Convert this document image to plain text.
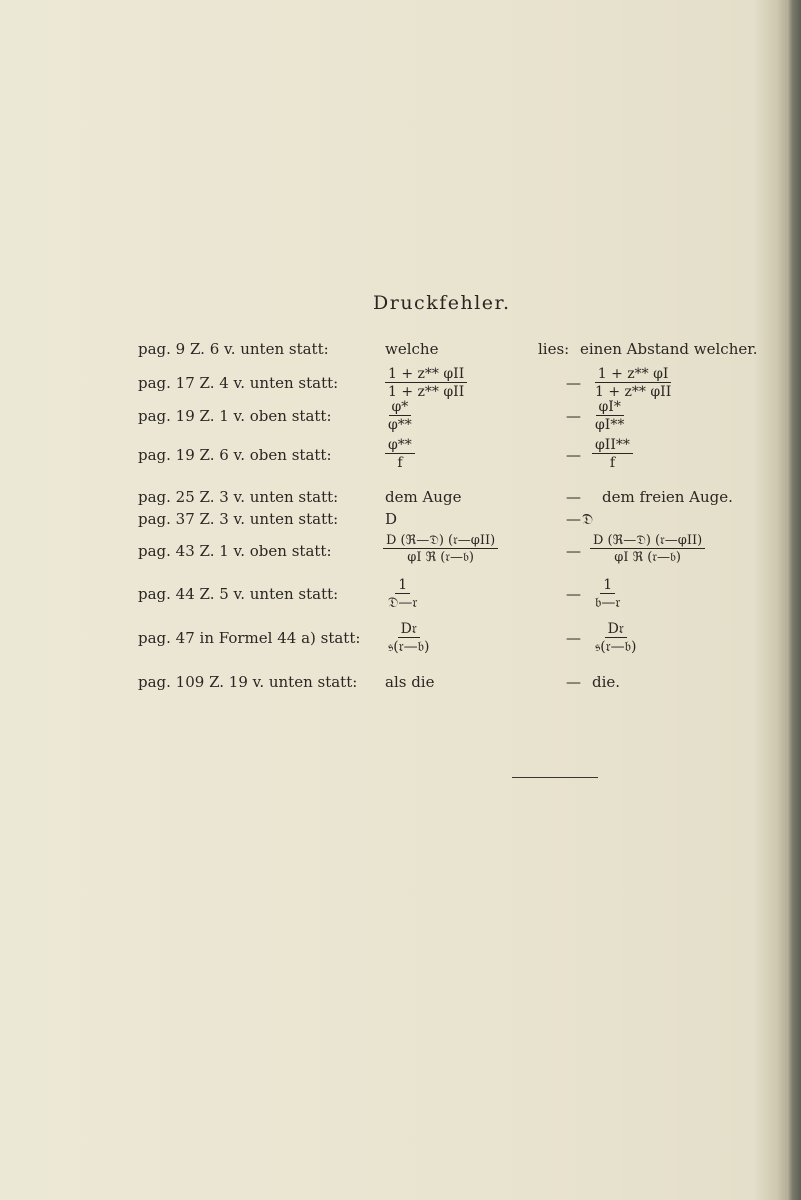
Druckfehler.
pag. 9 Z. 6 v. unten statt:	welche	lies: einen Abstand welcher.
pag. 17 Z. 4 v. unten statt:	$\frac{\text{1 + z** φII}}{\text{1 + z** φII}}$	— $\frac{1 + z** \varphi I}{\text{1 + z** φII}}$
pag. 19 Z. 1 v. oben statt:	$\frac{\varphi*}{\varphi**}$	— $\frac{\varphi I*}{\varphi I**}$
pag. 19 Z. 6 v. oben statt:	$\frac{\varphi**}{f}$	— $\frac{\text{φII**}}{f}$
pag. 25 Z. 3 v. unten statt:	dem Auge	— dem freien Auge.
pag. 37 Z. 3 v. unten statt:	D	— 𝔇
pag. 43 Z. 1 v. oben statt:	$\frac{\text{D (ℜ—𝔇) (𝔯—φII)}}{\text{φI ℜ (𝔯—𝔟)}}$	— $\frac{\text{D (ℜ—𝔇) (𝔯—φII)}}{\text{φI ℜ (𝔯—𝔟)}}$
pag. 44 Z. 5 v. unten statt:	$\frac{1}{\text{𝔇—𝔯}}$	— $\frac{1}{\text{𝔟—𝔯}}$
pag. 47 in Formel 44 a) statt: $\frac{\text{D𝔯}}{\text{𝔰(𝔯—𝔟)}}$	— $\frac{\text{D𝔯}}{\text{𝔰(𝔯—𝔟)}}$
pag. 109 Z. 19 v. unten statt: als die	— die.
